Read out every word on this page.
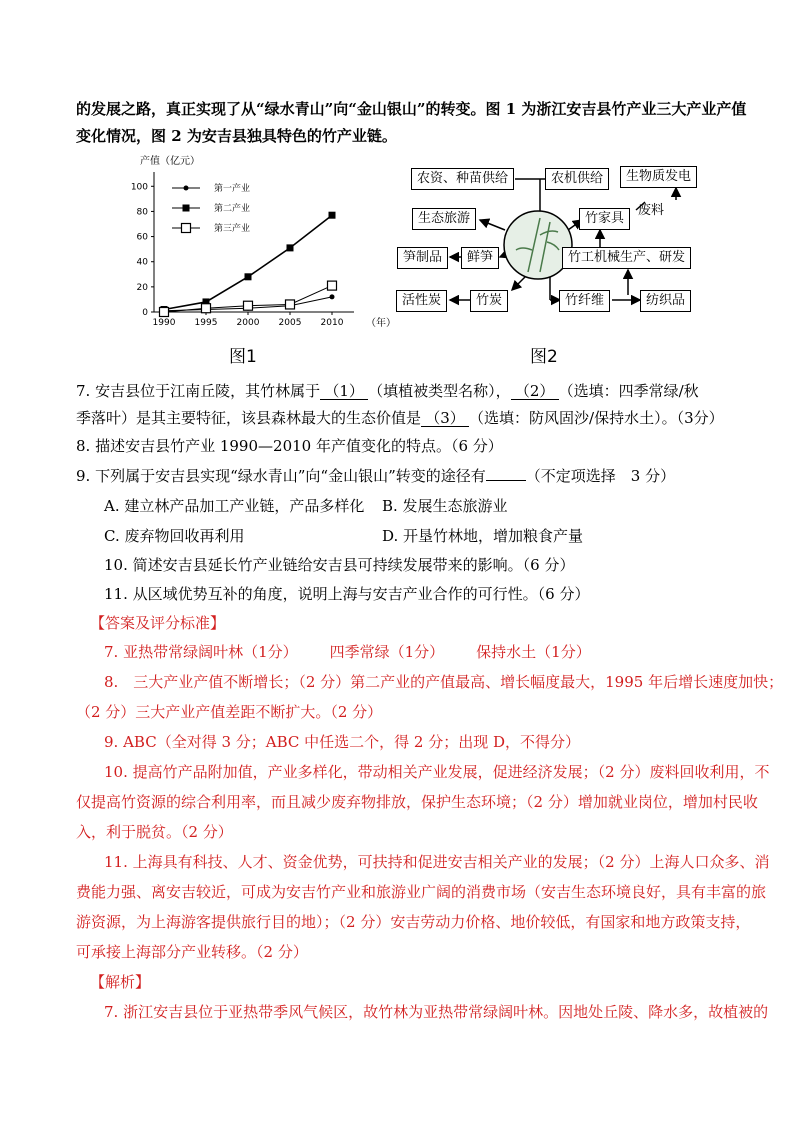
的发展之路，真正实现了从“绿水青山”向“金山银山”的转变。图 1 为浙江安吉县竹产业三大产业产值
变化情况，图 2 为安吉县独具特色的竹产业链。
产值（亿元）
（年）
0
20
40
60
80
100
1990 1995 2000 2005 2010
第一产业
第二产业
第三产业
图1
农资、种苗供给	农机供给	生物质发电
废料
生态旅游	竹家具
笋制品	鲜笋	竹工机械生产、研发
活性炭	竹炭	竹纤维	纺织品
图2
7. 安吉县位于江南丘陵，其竹林属于 （1） （填植被类型名称）， （2） （选填：四季常绿/秋
季落叶）是其主要特征，该县森林最大的生态价值是 （3） （选填：防风固沙/保持水土）。（3分）
8. 描述安吉县竹产业 1990—2010 年产值变化的特点。（6 分）
9. 下列属于安吉县实现“绿水青山”向“金山银山”转变的途径有	（不定项选择　3 分）
A. 建立林产品加工产业链，产品多样化	B. 发展生态旅游业
C. 废弃物回收再利用	D. 开垦竹林地，增加粮食产量
10. 简述安吉县延长竹产业链给安吉县可持续发展带来的影响。（6 分）
11. 从区域优势互补的角度，说明上海与安吉产业合作的可行性。（6 分）
【答案及评分标准】
7. 亚热带常绿阔叶林（1分） 四季常绿（1分） 保持水土（1分）
8.　三大产业产值不断增长；（2 分）第二产业的产值最高、增长幅度最大，1995 年后增长速度加快；
（2 分）三大产业产值差距不断扩大。（2 分）
9. ABC（全对得 3 分；ABC 中任选二个，得 2 分；出现 D，不得分）
10. 提高竹产品附加值，产业多样化，带动相关产业发展，促进经济发展；（2 分）废料回收利用，不
仅提高竹资源的综合利用率，而且减少废弃物排放，保护生态环境；（2 分）增加就业岗位，增加村民收
入，利于脱贫。（2 分）
11. 上海具有科技、人才、资金优势，可扶持和促进安吉相关产业的发展；（2 分）上海人口众多、消
费能力强、离安吉较近，可成为安吉竹产业和旅游业广阔的消费市场（安吉生态环境良好，具有丰富的旅
游资源，为上海游客提供旅行目的地）；（2 分）安吉劳动力价格、地价较低，有国家和地方政策支持，
可承接上海部分产业转移。（2 分）
【解析】
7. 浙江安吉县位于亚热带季风气候区，故竹林为亚热带常绿阔叶林。因地处丘陵、降水多，故植被的
